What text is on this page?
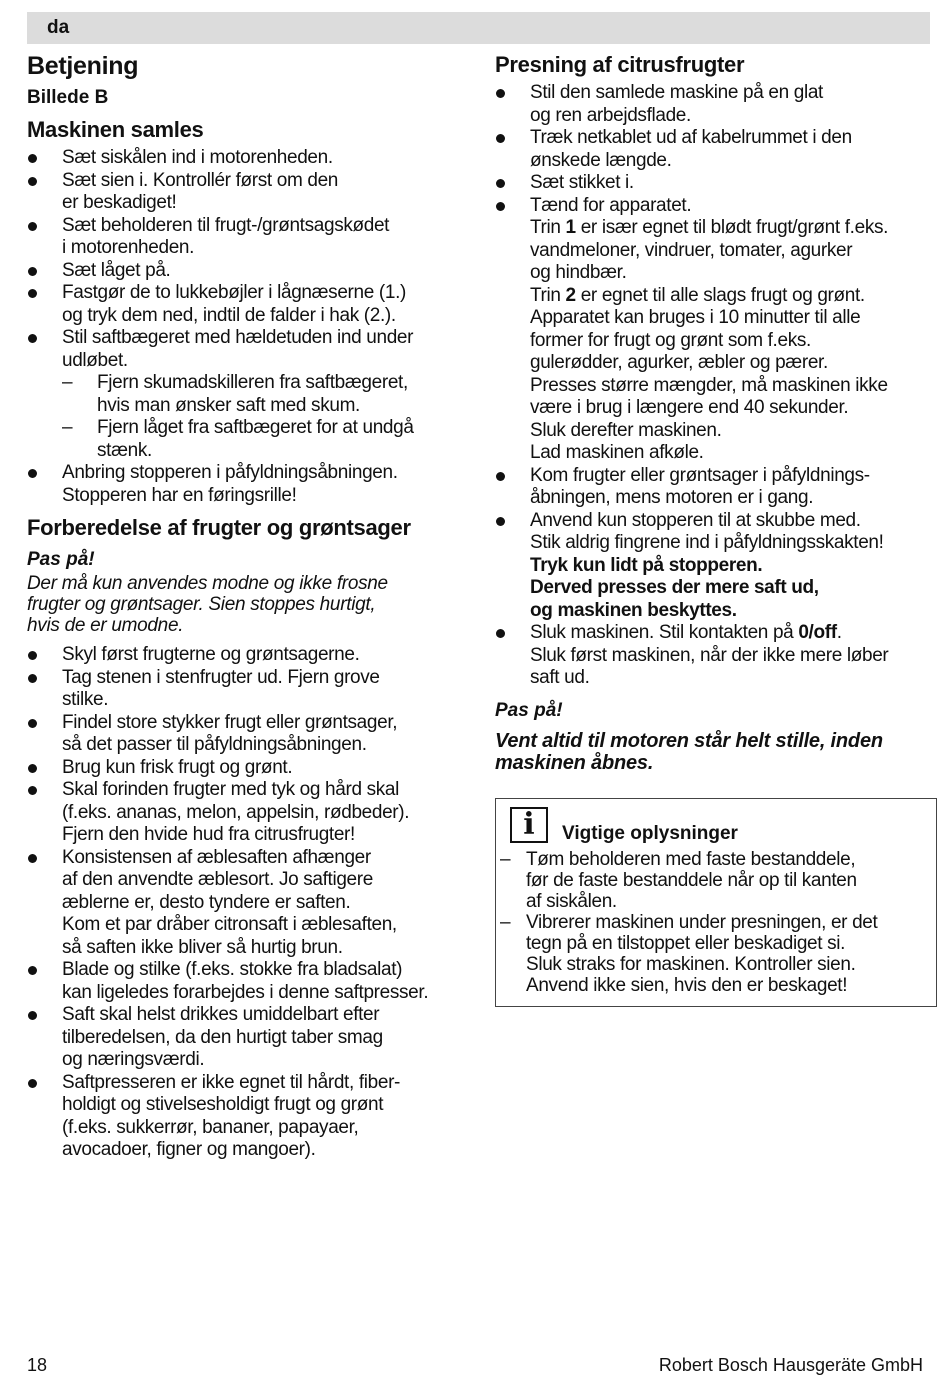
da
Betjening
Billede B
Maskinen samles
Sæt siskålen ind i motorenheden.
Sæt sien i. Kontrollér først om den
er beskadiget!
Sæt beholderen til frugt-/grøntsagskødet
i motorenheden.
Sæt låget på.
Fastgør de to lukkebøjler i lågnæserne (1.)
og tryk dem ned, indtil de falder i hak (2.).
Stil saftbægeret med hældetuden ind under
udløbet.
– Fjern skumadskilleren fra saftbægeret,
hvis man ønsker saft med skum.
– Fjern låget fra saftbægeret for at undgå
stænk.
Anbring stopperen i påfyldningsåbningen.
Stopperen har en føringsrille!
Forberedelse af frugter og grøntsager
Pas på!
Der må kun anvendes modne og ikke frosne
frugter og grøntsager. Sien stoppes hurtigt,
hvis de er umodne.
Skyl først frugterne og grøntsagerne.
Tag stenen i stenfrugter ud. Fjern grove
stilke.
Findel store stykker frugt eller grøntsager,
så det passer til påfyldningsåbningen.
Brug kun frisk frugt og grønt.
Skal forinden frugter med tyk og hård skal
(f.eks. ananas, melon, appelsin, rødbeder).
Fjern den hvide hud fra citrusfrugter!
Konsistensen af æblesaften afhænger
af den anvendte æblesort. Jo saftigere
æblerne er, desto tyndere er saften.
Kom et par dråber citronsaft i æblesaften,
så saften ikke bliver så hurtig brun.
Blade og stilke (f.eks. stokke fra bladsalat)
kan ligeledes forarbejdes i denne saftpresser.
Saft skal helst drikkes umiddelbart efter
tilberedelsen, da den hurtigt taber smag
og næringsværdi.
Saftpresseren er ikke egnet til hårdt, fiber-
holdigt og stivelsesholdigt frugt og grønt
(f.eks. sukkerrør, bananer, papayaer,
avocadoer, figner og mangoer).
Presning af citrusfrugter
Stil den samlede maskine på en glat
og ren arbejdsflade.
Træk netkablet ud af kabelrummet i den
ønskede længde.
Sæt stikket i.
Tænd for apparatet.
Trin 1 er især egnet til blødt frugt/grønt f.eks.
vandmeloner, vindruer, tomater, agurker
og hindbær.
Trin 2 er egnet til alle slags frugt og grønt.
Apparatet kan bruges i 10 minutter til alle
former for frugt og grønt som f.eks.
gulerødder, agurker, æbler og pærer.
Presses større mængder, må maskinen ikke
være i brug i længere end 40 sekunder.
Sluk derefter maskinen.
Lad maskinen afkøle.
Kom frugter eller grøntsager i påfyldnings-
åbningen, mens motoren er i gang.
Anvend kun stopperen til at skubbe med.
Stik aldrig fingrene ind i påfyldningsskakten!
Tryk kun lidt på stopperen.
Derved presses der mere saft ud,
og maskinen beskyttes.
Sluk maskinen. Stil kontakten på 0/off.
Sluk først maskinen, når der ikke mere løber
saft ud.
Pas på!
Vent altid til motoren står helt stille, inden
maskinen åbnes.
i	Vigtige oplysninger
– Tøm beholderen med faste bestanddele,
før de faste bestanddele når op til kanten
af siskålen.
– Vibrerer maskinen under presningen, er det
tegn på en tilstoppet eller beskadiget si.
Sluk straks for maskinen. Kontroller sien.
Anvend ikke sien, hvis den er beskaget!
18	Robert Bosch Hausgeräte GmbH
